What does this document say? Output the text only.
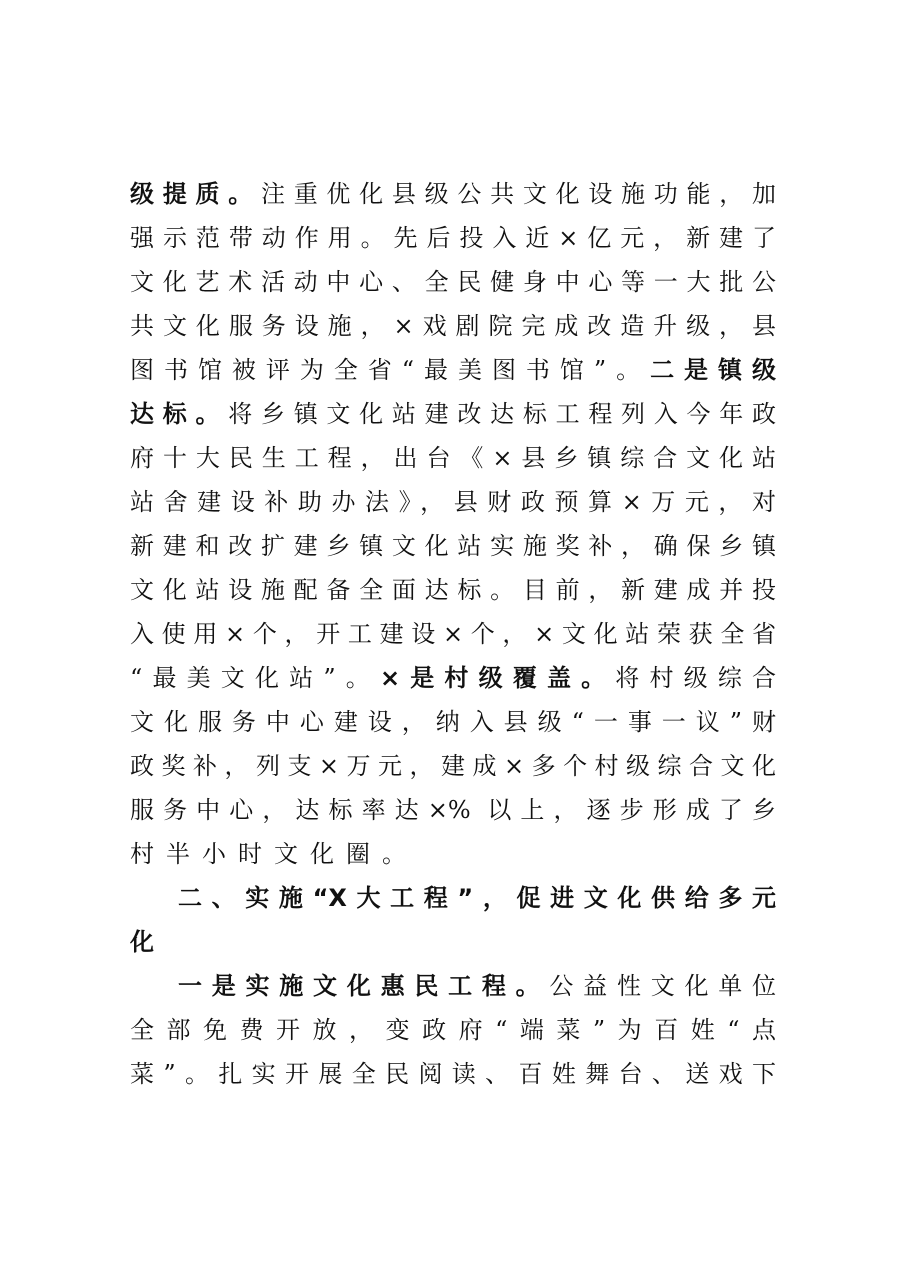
级提质。注重优化县级公共文化设施功能，加
强示范带动作用。先后投入近×亿元，新建了
文化艺术活动中心、全民健身中心等一大批公
共文化服务设施，×戏剧院完成改造升级，县
图书馆被评为全省“最美图书馆”。二是镇级
达标。将乡镇文化站建改达标工程列入今年政
府十大民生工程，出台《×县乡镇综合文化站
站舍建设补助办法》，县财政预算×万元，对
新建和改扩建乡镇文化站实施奖补，确保乡镇
文化站设施配备全面达标。目前，新建成并投
入使用×个，开工建设×个，×文化站荣获全省
“最美文化站”。×是村级覆盖。将村级综合
文化服务中心建设，纳入县级“一事一议”财
政奖补，列支×万元，建成×多个村级综合文化
服务中心，达标率达×% 以上，逐步形成了乡
村半小时文化圈。
二、实施“X大工程”，促进文化供给多元
化
一是实施文化惠民工程。公益性文化单位
全部免费开放，变政府“端菜”为百姓“点
菜”。扎实开展全民阅读、百姓舞台、送戏下
